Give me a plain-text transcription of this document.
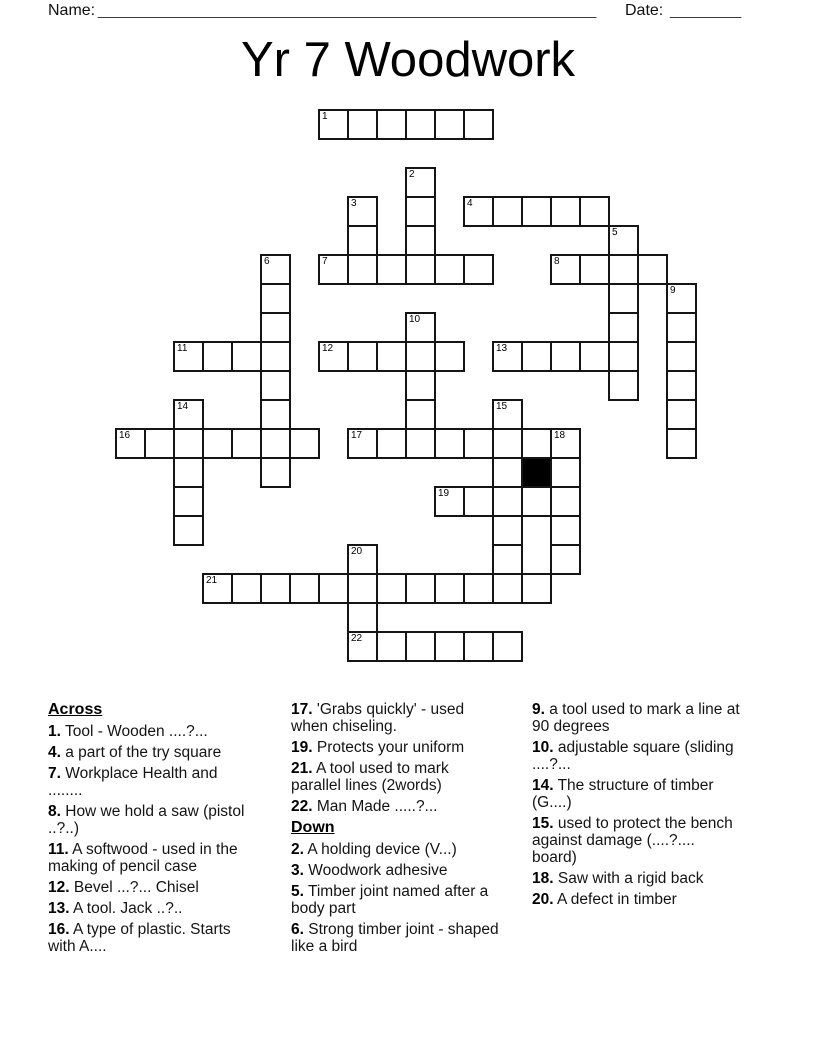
Name: ________________________________________________________ Date: ________
Yr 7 Woodwork
1
2
3	4
5
6	7	8
9
10
11	12	13
14	15
16	17	18
19
20
21
22
Across

1. Tool - Wooden ....?...

4. a part of the try square

7. Workplace Health and ........

8. How we hold a saw (pistol ..?..)

11. A softwood - used in the making of pencil case

12. Bevel ...?... Chisel

13. A tool. Jack ..?..

16. A type of plastic. Starts with A....

17. 'Grabs quickly' - used when chiseling.

19. Protects your uniform

21. A tool used to mark parallel lines (2words)

22. Man Made .....?...

Down

2. A holding device (V...)

3. Woodwork adhesive

5. Timber joint named after a body part

6. Strong timber joint - shaped like a bird

9. a tool used to mark a line at 90 degrees

10. adjustable square (sliding ....?...

14. The structure of timber (G....)

15. used to protect the bench against damage (....?.... board)

18. Saw with a rigid back

20. A defect in timber
